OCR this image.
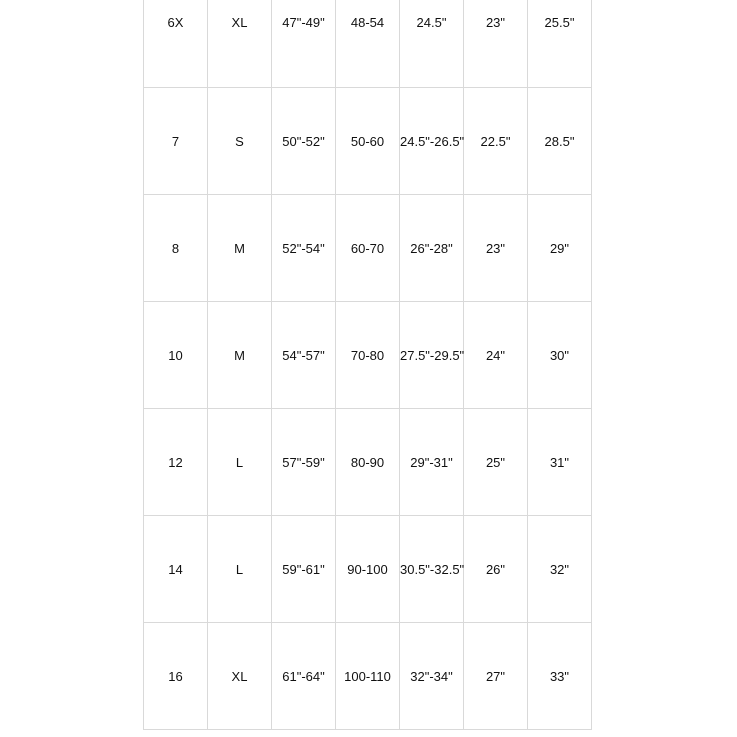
6X	XL	47"-49"	48-54	24.5"	23"	25.5"
7	S	50"-52"	50-60	24.5"-26.5"	22.5"	28.5"
8	M	52"-54"	60-70	26"-28"	23"	29"
10	M	54"-57"	70-80	27.5"-29.5"	24"	30"
12	L	57"-59"	80-90	29"-31"	25"	31"
14	L	59"-61"	90-100	30.5"-32.5"	26"	32"
16	XL	61"-64"	100-110	32"-34"	27"	33"
